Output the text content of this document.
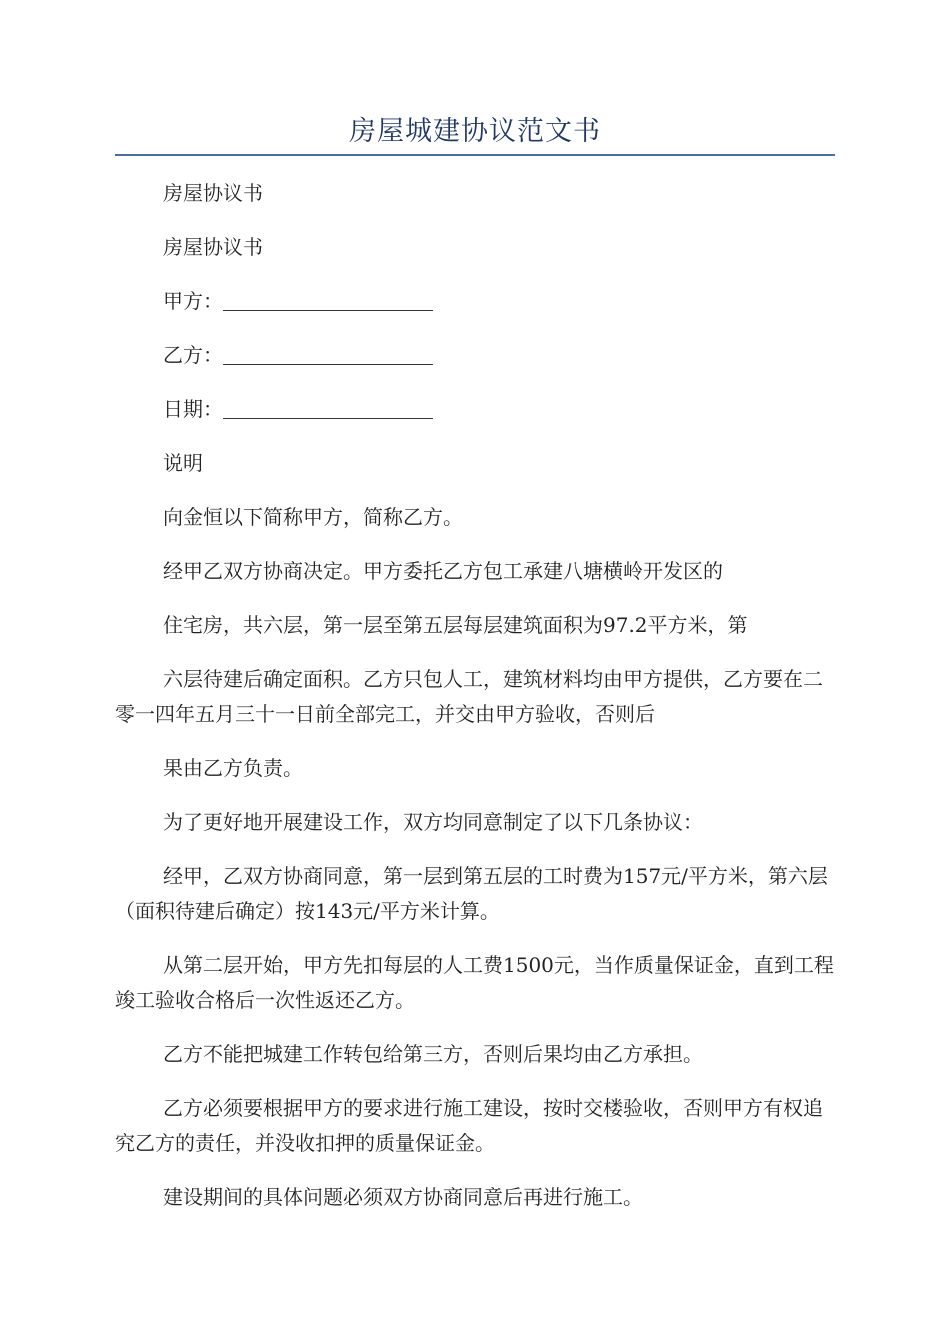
房屋城建协议范文书

房屋协议书

房屋协议书

甲方：

乙方：

日期：

说明

向金恒以下简称甲方，简称乙方。

经甲乙双方协商决定。甲方委托乙方包工承建八塘横岭开发区的

住宅房，共六层，第一层至第五层每层建筑面积为97.2平方米，第

六层待建后确定面积。乙方只包人工，建筑材料均由甲方提供，乙方要在二零一四年五月三十一日前全部完工，并交由甲方验收，否则后

果由乙方负责。

为了更好地开展建设工作，双方均同意制定了以下几条协议：

经甲，乙双方协商同意，第一层到第五层的工时费为157元/平方米，第六层（面积待建后确定）按143元/平方米计算。

从第二层开始，甲方先扣每层的人工费1500元，当作质量保证金，直到工程竣工验收合格后一次性返还乙方。

乙方不能把城建工作转包给第三方，否则后果均由乙方承担。

乙方必须要根据甲方的要求进行施工建设，按时交楼验收，否则甲方有权追究乙方的责任，并没收扣押的质量保证金。

建设期间的具体问题必须双方协商同意后再进行施工。
